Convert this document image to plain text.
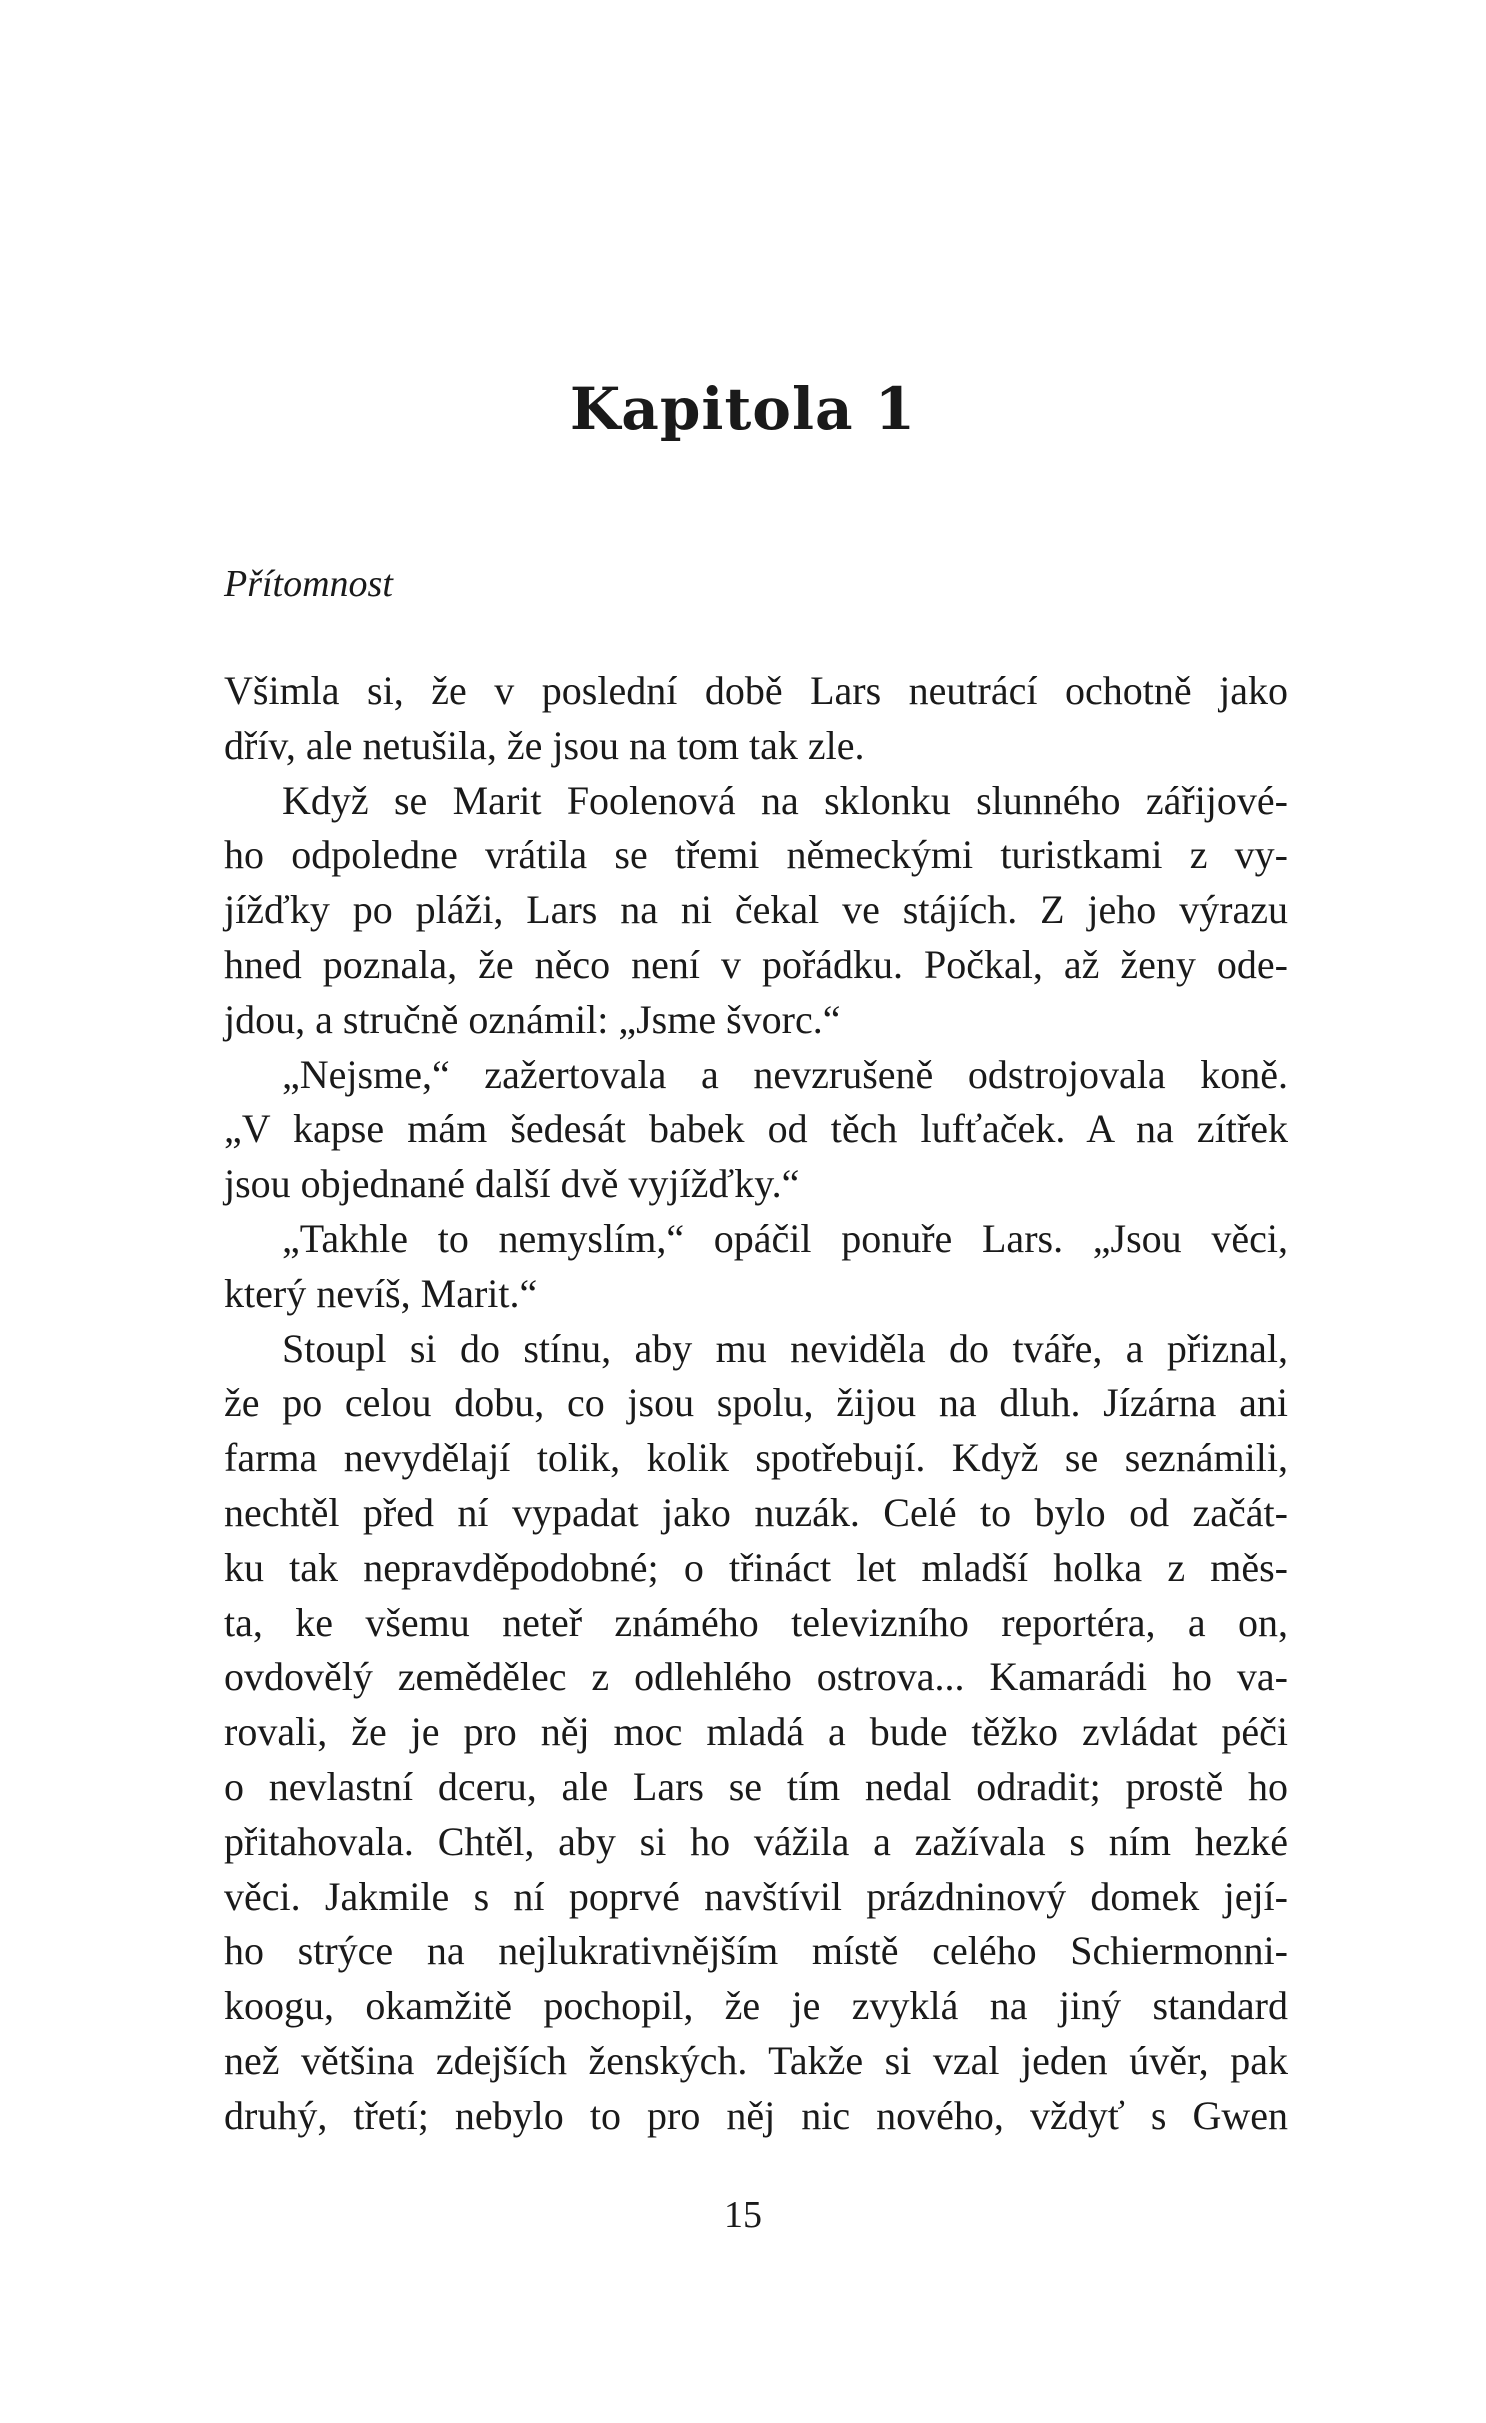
Kapitola 1

Přítomnost

Všimla si, že v poslední době Lars neutrácí ochotně jako
dřív, ale netušila, že jsou na tom tak zle.
Když se Marit Foolenová na sklonku slunného zářijové-
ho odpoledne vrátila se třemi německými turistkami z vy-
jížďky po pláži, Lars na ni čekal ve stájích. Z jeho výrazu
hned poznala, že něco není v pořádku. Počkal, až ženy ode-
jdou, a stručně oznámil: „Jsme švorc.“
„Nejsme,“ zažertovala a nevzrušeně odstrojovala koně.
„V kapse mám šedesát babek od těch lufťaček. A na zítřek
jsou objednané další dvě vyjížďky.“
„Takhle to nemyslím,“ opáčil ponuře Lars. „Jsou věci,
který nevíš, Marit.“
Stoupl si do stínu, aby mu neviděla do tváře, a přiznal,
že po celou dobu, co jsou spolu, žijou na dluh. Jízárna ani
farma nevydělají tolik, kolik spotřebují. Když se seznámili,
nechtěl před ní vypadat jako nuzák. Celé to bylo od začát-
ku tak nepravděpodobné; o třináct let mladší holka z měs-
ta, ke všemu neteř známého televizního reportéra, a on,
ovdovělý zemědělec z odlehlého ostrova... Kamarádi ho va-
rovali, že je pro něj moc mladá a bude těžko zvládat péči
o nevlastní dceru, ale Lars se tím nedal odradit; prostě ho
přitahovala. Chtěl, aby si ho vážila a zažívala s ním hezké
věci. Jakmile s ní poprvé navštívil prázdninový domek její-
ho strýce na nejlukrativnějším místě celého Schiermonni-
koogu, okamžitě pochopil, že je zvyklá na jiný standard
než většina zdejších ženských. Takže si vzal jeden úvěr, pak
druhý, třetí; nebylo to pro něj nic nového, vždyť s Gwen

15
